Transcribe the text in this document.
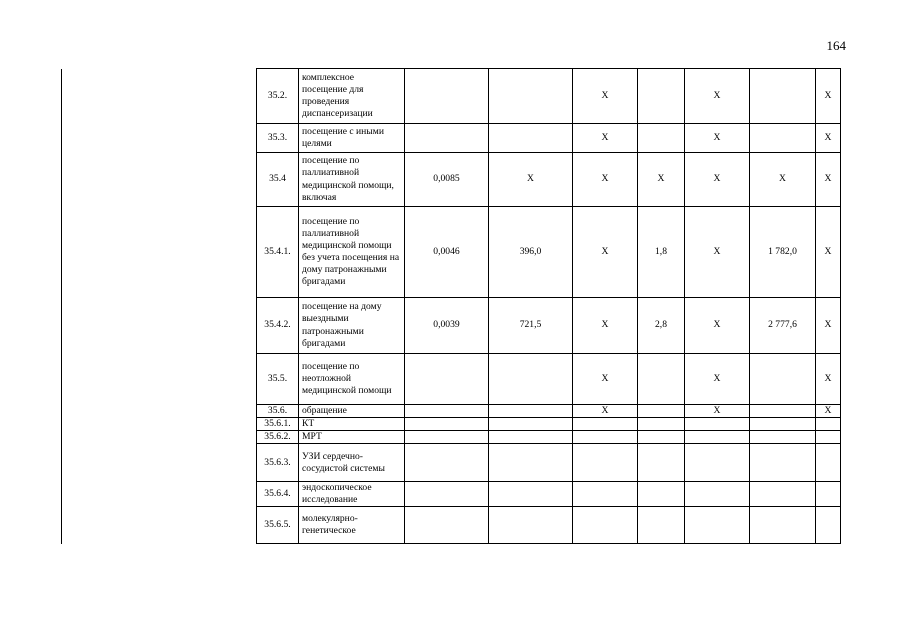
164
	35.2.	комплексное посещение для проведения диспансеризации			Х		Х		Х
	35.3.	посещение с иными целями			Х		Х		Х
	35.4	посещение по паллиативной медицинской помощи, включая	0,0085	Х	Х	Х	Х	Х	Х
	35.4.1.	посещение по паллиативной медицинской помощи без учета посещения на дому патронажными бригадами	0,0046	396,0	Х	1,8	Х	1 782,0	Х
	35.4.2.	посещение на дому выездными патронажными бригадами	0,0039	721,5	Х	2,8	Х	2 777,6	Х
	35.5.	посещение по неотложной медицинской помощи			Х		Х		Х
	35.6.	обращение			Х		Х		Х
	35.6.1.	КТ							
	35.6.2.	МРТ							
	35.6.3.	УЗИ сердечно-сосудистой системы							
	35.6.4.	эндоскопическое исследование							
	35.6.5.	молекулярно-генетическое							
